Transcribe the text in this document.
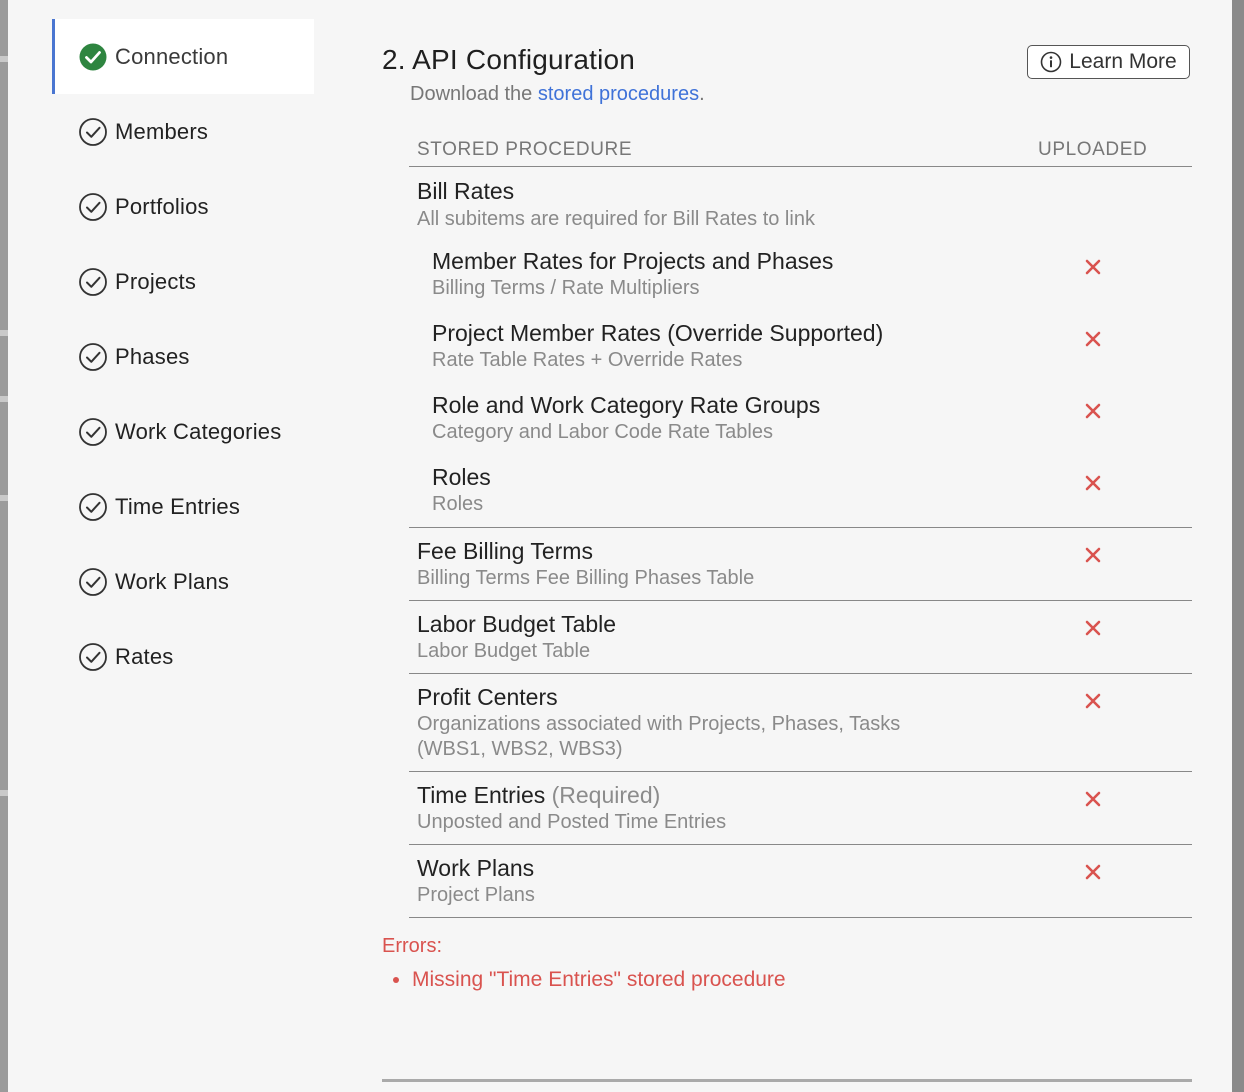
Connection
Members
Portfolios
Projects
Phases
Work Categories
Time Entries
Work Plans
Rates
2. API Configuration	Learn More
Download the stored procedures.
STORED PROCEDURE	UPLOADED
Bill Rates
All subitems are required for Bill Rates to link
Member Rates for Projects and Phases
Billing Terms / Rate Multipliers
Project Member Rates (Override Supported)
Rate Table Rates + Override Rates
Role and Work Category Rate Groups
Category and Labor Code Rate Tables
Roles
Roles
Fee Billing Terms
Billing Terms Fee Billing Phases Table
Labor Budget Table
Labor Budget Table
Profit Centers
Organizations associated with Projects, Phases, Tasks (WBS1, WBS2, WBS3)
Time Entries (Required)
Unposted and Posted Time Entries
Work Plans
Project Plans
Errors:
• Missing "Time Entries" stored procedure
